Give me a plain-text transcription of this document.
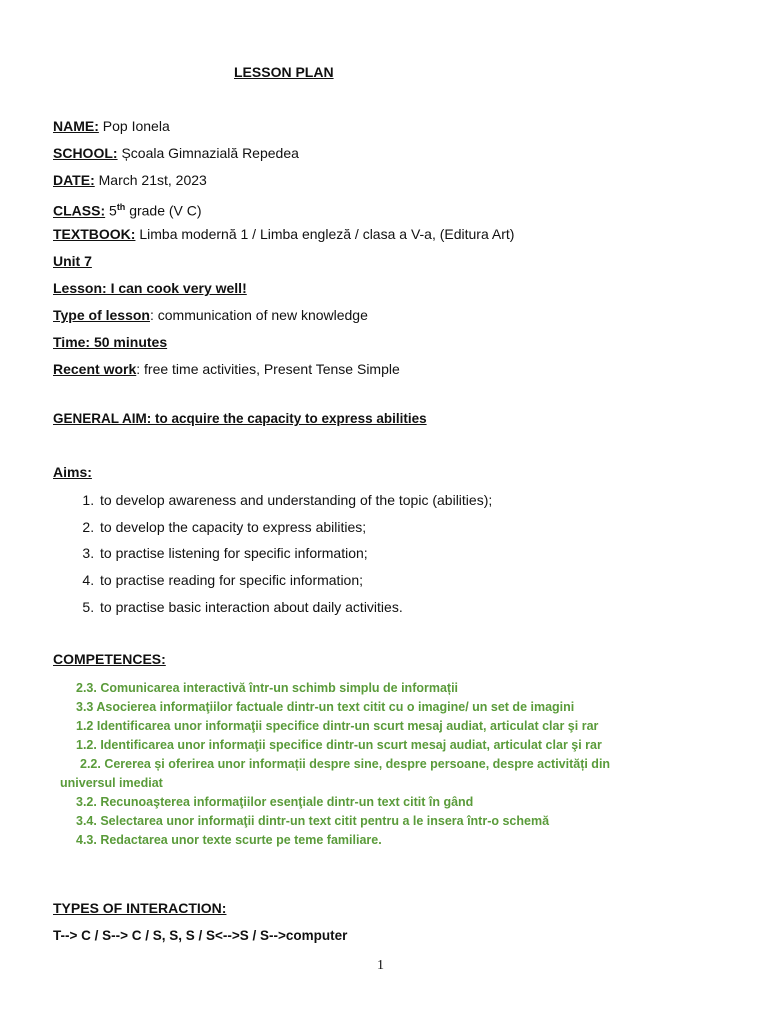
LESSON PLAN
NAME: Pop Ionela
SCHOOL: Școala Gimnazială Repedea
DATE: March 21st, 2023
CLASS: 5th grade (V C)
TEXTBOOK: Limba modernă 1 / Limba engleză / clasa a V-a, (Editura Art)
Unit 7
Lesson: I can cook very well!
Type of lesson: communication of new knowledge
Time: 50 minutes
Recent work: free time activities, Present Tense Simple
GENERAL AIM: to acquire the capacity to express abilities
Aims:
1. to develop awareness and understanding of the topic (abilities);
2. to develop the capacity to express abilities;
3. to practise listening for specific information;
4. to practise reading for specific information;
5. to practise basic interaction about daily activities.
COMPETENCES:
2.3. Comunicarea interactivă într-un schimb simplu de informații
3.3 Asocierea informaţiilor factuale dintr-un text citit cu o imagine/ un set de imagini
1.2 Identificarea unor informaţii specifice dintr-un scurt mesaj audiat, articulat clar şi rar
1.2. Identificarea unor informaţii specifice dintr-un scurt mesaj audiat, articulat clar şi rar
2.2. Cererea și oferirea unor informații despre sine, despre persoane, despre activități din
universul imediat
3.2. Recunoaşterea informaţiilor esenţiale dintr-un text citit în gând
3.4. Selectarea unor informaţii dintr-un text citit pentru a le insera într-o schemă
4.3. Redactarea unor texte scurte pe teme familiare.
TYPES OF INTERACTION:
T--> C / S--> C / S, S, S / S<-->S / S-->computer
1
